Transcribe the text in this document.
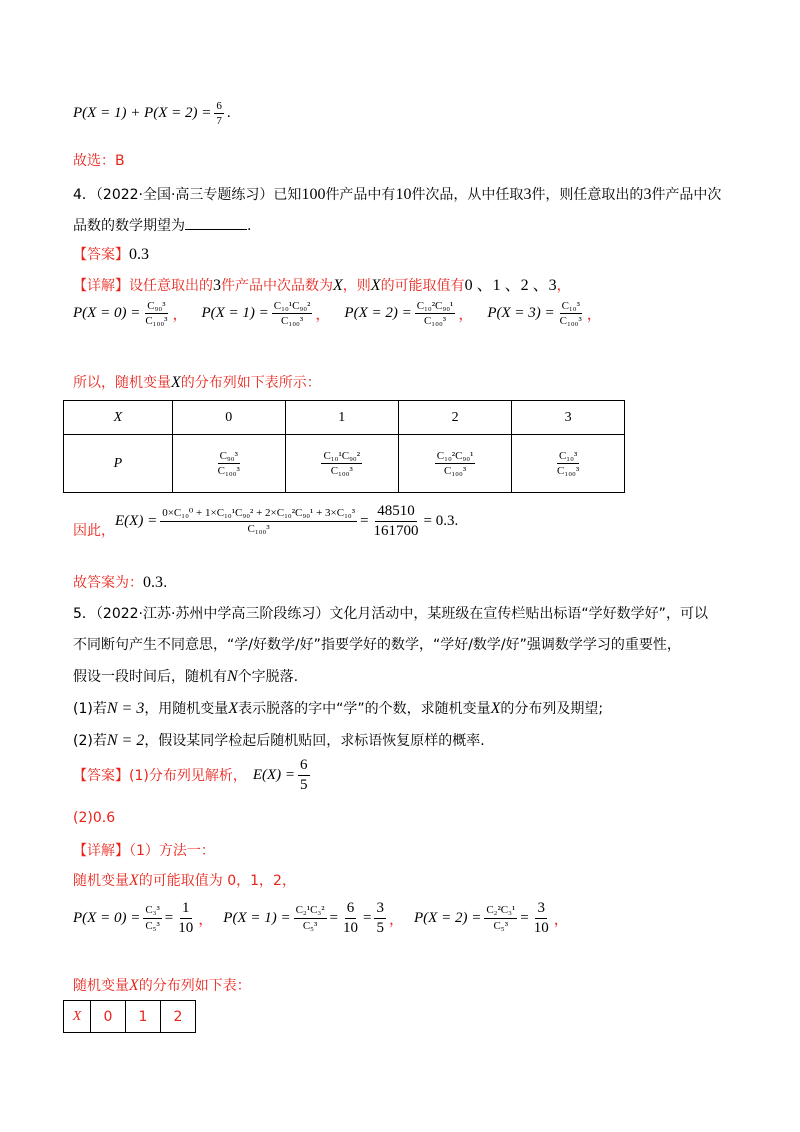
$P(X = 1) + P(X = 2) = \frac{6}{7}$ .
故选：B
4．（2022·全国·高三专题练习）已知100件产品中有10件次品，从中任取3件，则任意取出的3件产品中次
品数的数学期望为	.
【答案】0.3
【详解】设任意取出的3件产品中次品数为X，则X的可能取值有0 、1 、2 、3，
$P(X = 0) = \frac{\text{C₉₀³}}{\text{C₁₀₀³}}$ ， $P(X = 1) = \frac{\text{C₁₀¹C₉₀²}}{\text{C₁₀₀³}}$ ， $P(X = 2) = \frac{\text{C₁₀²C₉₀¹}}{\text{C₁₀₀³}}$ ， $P(X = 3) = \frac{\text{C₁₀³}}{\text{C₁₀₀³}}$ ，
所以，随机变量X的分布列如下表所示：
X	0	1	2	3
P	$\frac{\text{C₉₀³}}{\text{C₁₀₀³}}$	$\frac{\text{C₁₀¹C₉₀²}}{\text{C₁₀₀³}}$	$\frac{\text{C₁₀²C₉₀¹}}{\text{C₁₀₀³}}$	$\frac{\text{C₁₀³}}{\text{C₁₀₀³}}$
因此，
$E(X) = \frac{\text{0×C₁₀⁰ + 1×C₁₀¹C₉₀² + 2×C₁₀²C₉₀¹ + 3×C₁₀³}}{\text{C₁₀₀³}} = \frac{48510}{161700} = 0.3$ .
故答案为：0.3.
5．（2022·江苏·苏州中学高三阶段练习）文化月活动中，某班级在宣传栏贴出标语“学好数学好”，可以
不同断句产生不同意思，“学/好数学/好”指要学好的数学，“学好/数学/好”强调数学学习的重要性，
假设一段时间后，随机有N个字脱落.
(1)若N = 3，用随机变量X表示脱落的字中“学”的个数，求随机变量X的分布列及期望;
(2)若N = 2，假设某同学检起后随机贴回，求标语恢复原样的概率.
【答案】 (1)分布列见解析， $E(X) = \frac{6}{5}$
(2)0.6
【详解】（1）方法一：
随机变量X的可能取值为 0，1，2，
$P(X = 0) = \frac{\text{C₃³}}{\text{C₅³}} = \frac{1}{10}$ ， $P(X = 1) = \frac{\text{C₂¹C₃²}}{\text{C₅³}} = \frac{6}{10} = \frac{3}{5}$ ， $P(X = 2) = \frac{\text{C₂²C₃¹}}{\text{C₅³}} = \frac{3}{10}$ ，
随机变量X的分布列如下表：
X	0	1	2
